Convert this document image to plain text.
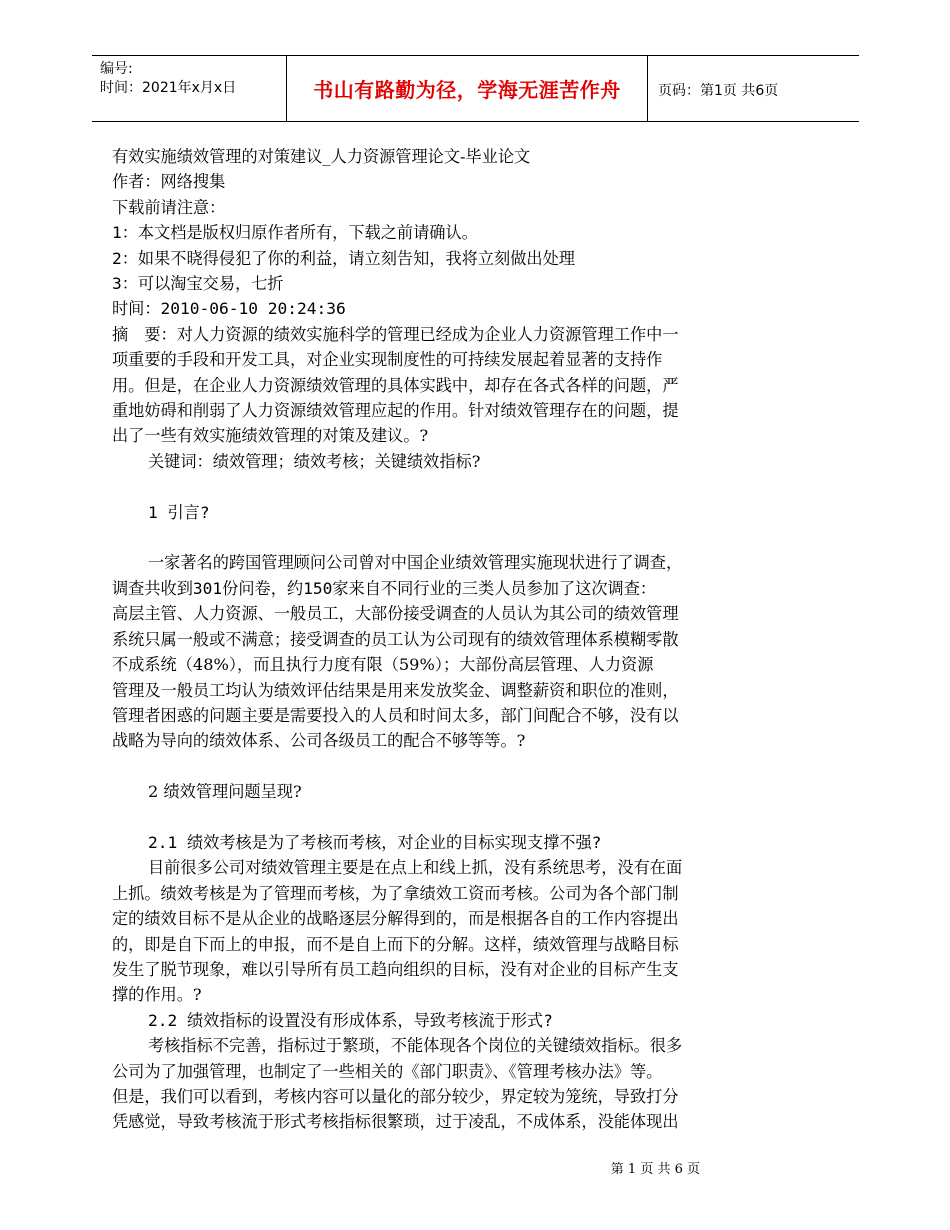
编号:
时间：2021年x月x日	书山有路勤为径，学海无涯苦作舟	页码：第1页 共6页
有效实施绩效管理的对策建议_人力资源管理论文-毕业论文
作者：网络搜集
下载前请注意：
1：本文档是版权归原作者所有，下载之前请确认。
2：如果不晓得侵犯了你的利益，请立刻告知，我将立刻做出处理
3：可以淘宝交易，七折
时间：2010-06-10 20:24:36
摘　要：对人力资源的绩效实施科学的管理已经成为企业人力资源管理工作中一
项重要的手段和开发工具，对企业实现制度性的可持续发展起着显著的支持作
用。但是，在企业人力资源绩效管理的具体实践中，却存在各式各样的问题，严
重地妨碍和削弱了人力资源绩效管理应起的作用。针对绩效管理存在的问题，提
出了一些有效实施绩效管理的对策及建议。?
关键词：绩效管理；绩效考核；关键绩效指标?
1 引言?
一家著名的跨国管理顾问公司曾对中国企业绩效管理实施现状进行了调查，
调查共收到301份问卷，约150家来自不同行业的三类人员参加了这次调查：
高层主管、人力资源、一般员工，大部份接受调查的人员认为其公司的绩效管理
系统只属一般或不满意；接受调查的员工认为公司现有的绩效管理体系模糊零散
不成系统（48%），而且执行力度有限（59%）；大部份高层管理、人力资源
管理及一般员工均认为绩效评估结果是用来发放奖金、调整薪资和职位的准则，
管理者困惑的问题主要是需要投入的人员和时间太多，部门间配合不够，没有以
战略为导向的绩效体系、公司各级员工的配合不够等等。?
2 绩效管理问题呈现?
2.1 绩效考核是为了考核而考核，对企业的目标实现支撑不强?
目前很多公司对绩效管理主要是在点上和线上抓，没有系统思考，没有在面
上抓。绩效考核是为了管理而考核，为了拿绩效工资而考核。公司为各个部门制
定的绩效目标不是从企业的战略逐层分解得到的，而是根据各自的工作内容提出
的，即是自下而上的申报，而不是自上而下的分解。这样，绩效管理与战略目标
发生了脱节现象，难以引导所有员工趋向组织的目标，没有对企业的目标产生支
撑的作用。?
2.2 绩效指标的设置没有形成体系，导致考核流于形式?
考核指标不完善，指标过于繁琐，不能体现各个岗位的关键绩效指标。很多
公司为了加强管理，也制定了一些相关的《部门职责》、《管理考核办法》等。
但是，我们可以看到，考核内容可以量化的部分较少，界定较为笼统，导致打分
凭感觉，导致考核流于形式考核指标很繁琐，过于凌乱，不成体系，没能体现出
第 1 页 共 6 页
